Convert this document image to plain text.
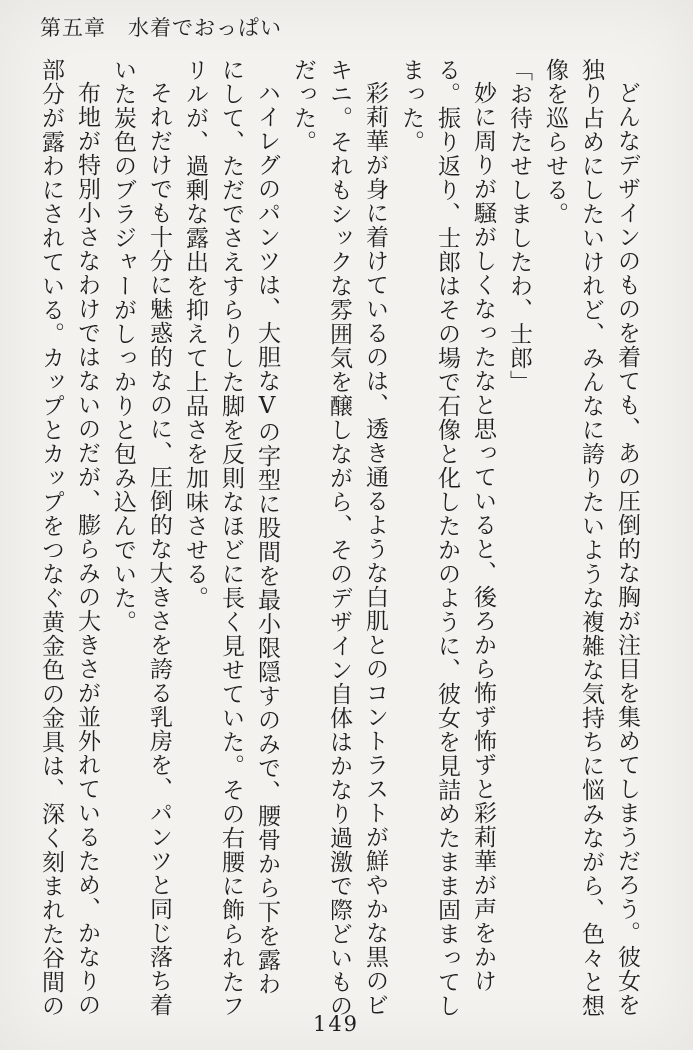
第五章　水着でおっぱい

どんなデザインのものを着ても、あの圧倒的な胸が注目を集めてしまうだろう。彼女を独り占めにしたいけれど、みんなに誇りたいような複雑な気持ちに悩みながら、色々と想像を巡らせる。

「お待たせしましたわ、士郎」

妙に周りが騒がしくなったなと思っていると、後ろから怖ず怖ずと彩莉華が声をかける。振り返り、士郎はその場で石像と化したかのように、彼女を見詰めたまま固まってしまった。

彩莉華が身に着けているのは、透き通るような白肌とのコントラストが鮮やかな黒のビキニ。それもシックな雰囲気を醸しながら、そのデザイン自体はかなり過激で際どいものだった。

ハイレグのパンツは、大胆なVの字型に股間を最小限隠すのみで、腰骨から下を露わにして、ただでさえすらりした脚を反則なほどに長く見せていた。その右腰に飾られたフリルが、過剰な露出を抑えて上品さを加味させる。

それだけでも十分に魅惑的なのに、圧倒的な大きさを誇る乳房を、パンツと同じ落ち着いた炭色のブラジャーがしっかりと包み込んでいた。

布地が特別小さなわけではないのだが、膨らみの大きさが並外れているため、かなりの部分が露わにされている。カップとカップをつなぐ黄金色の金具は、深く刻まれた谷間の

149
